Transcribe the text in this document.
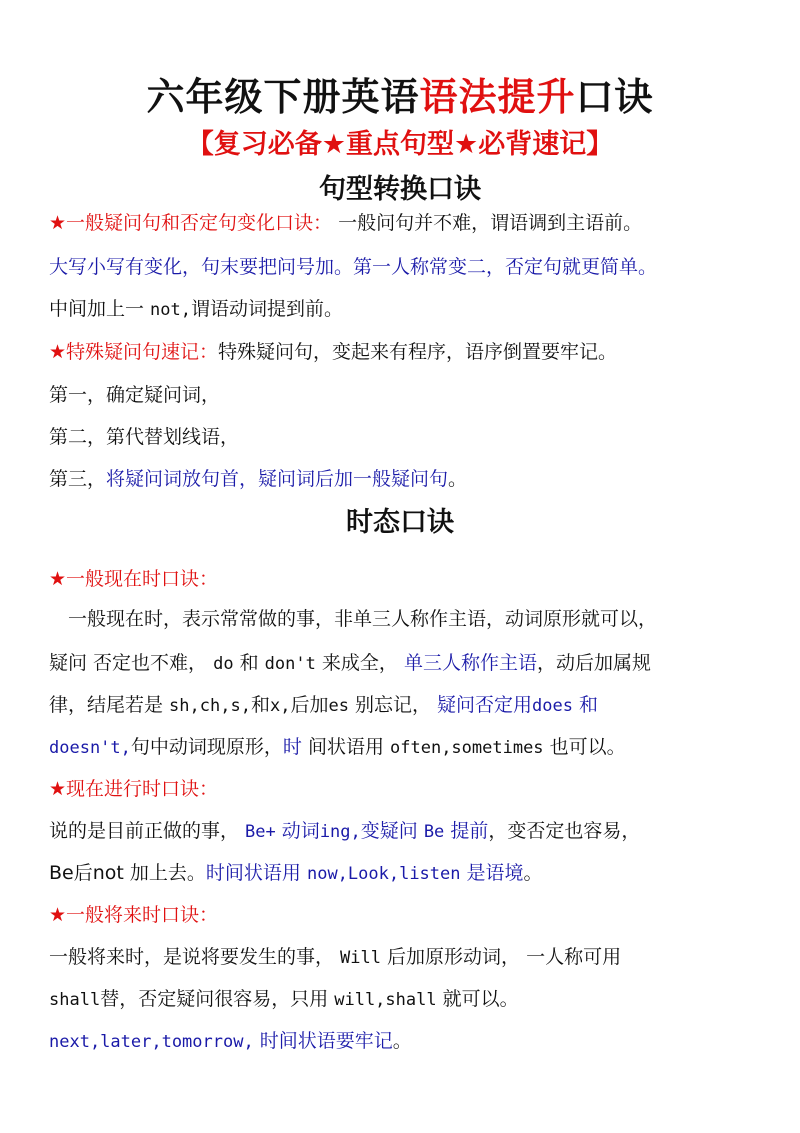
六年级下册英语语法提升口诀
【复习必备★重点句型★必背速记】
句型转换口诀
★一般疑问句和否定句变化口诀： 一般问句并不难，谓语调到主语前。
大写小写有变化，句末要把问号加。第一人称常变二，否定句就更简单。
中间加上一 not,谓语动词提到前。
★特殊疑问句速记：特殊疑问句，变起来有程序，语序倒置要牢记。
第一，确定疑问词，
第二，第代替划线语，
第三，将疑问词放句首，疑问词后加一般疑问句。
时态口诀
★一般现在时口诀：
　一般现在时，表示常常做的事，非单三人称作主语，动词原形就可以，
疑问 否定也不难， do 和 don't 来成全， 单三人称作主语，动后加属规
律，结尾若是 sh,ch,s,和x,后加es 别忘记， 疑问否定用does 和
doesn't,句中动词现原形，时 间状语用 often,sometimes 也可以。
★现在进行时口诀：
说的是目前正做的事， Be+ 动词ing,变疑问 Be 提前，变否定也容易，
Be后not 加上去。时间状语用 now,Look,listen 是语境。
★一般将来时口诀：
一般将来时，是说将要发生的事， Will 后加原形动词， 一人称可用
shall替，否定疑问很容易，只用 will,shall 就可以。
next,later,tomorrow, 时间状语要牢记。
